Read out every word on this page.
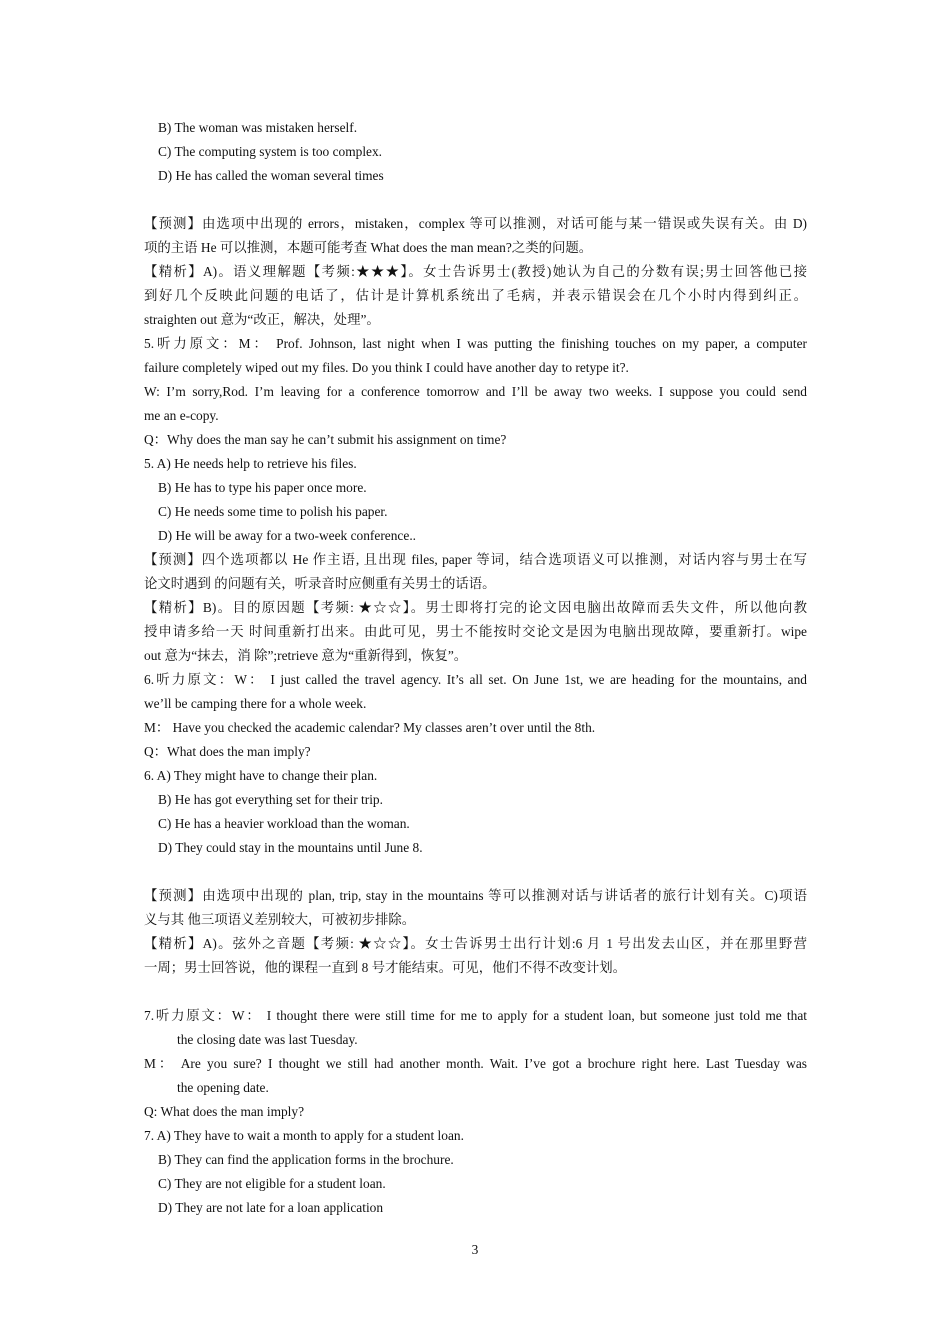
B) The woman was mistaken herself.
C) The computing system is too complex.
D) He has called the woman several times
【预测】由选项中出现的 errors，mistaken，complex 等可以推测，对话可能与某一错误或失误有关。由 D)
项的主语 He 可以推测，本题可能考查 What does the man mean?之类的问题。
【精析】A)。语义理解题【考频:★★★】。女士告诉男士(教授)她认为自己的分数有误;男士回答他已接
到好几个反映此问题的电话了，估计是计算机系统出了毛病，并表示错误会在几个小时内得到纠正。
straighten out 意为“改正，解决，处理”。
5.听力原文：M： Prof. Johnson, last night when I was putting the finishing touches on my paper, a computer
failure completely wiped out my files. Do you think I could have another day to retype it?.
W: I’m sorry,Rod. I’m leaving for a conference tomorrow and I’ll be away two weeks. I suppose you could send
me an e-copy.
Q：Why does the man say he can’t submit his assignment on time?
5. A) He needs help to retrieve his files.
B) He has to type his paper once more.
C) He needs some time to polish his paper.
D) He will be away for a two-week conference..
【预测】四个选项都以 He 作主语, 且出现 files, paper 等词，结合选项语义可以推测，对话内容与男士在写
论文时遇到 的问题有关，听录音时应侧重有关男士的话语。
【精析】B)。目的原因题【考频: ★☆☆】。男士即将打完的论文因电脑出故障而丢失文件，所以他向教
授申请多给一天 时间重新打出来。由此可见，男士不能按时交论文是因为电脑出现故障，要重新打。wipe
out 意为“抹去，消 除”;retrieve 意为“重新得到，恢复”。
6.听力原文：W： I just called the travel agency. It’s all set. On June 1st, we are heading for the mountains, and
we’ll be camping there for a whole week.
M： Have you checked the academic calendar? My classes aren’t over until the 8th.
Q：What does the man imply?
6. A) They might have to change their plan.
B) He has got everything set for their trip.
C) He has a heavier workload than the woman.
D) They could stay in the mountains until June 8.
【预测】由选项中出现的 plan, trip, stay in the mountains 等可以推测对话与讲话者的旅行计划有关。C)项语
义与其 他三项语义差别较大，可被初步排除。
【精析】A)。弦外之音题【考频: ★☆☆】。女士告诉男士出行计划:6 月 1 号出发去山区，并在那里野营
一周；男士回答说，他的课程一直到 8 号才能结束。可见，他们不得不改变计划。
7.听力原文：W： I thought there were still time for me to apply for a student loan, but someone just told me that
the closing date was last Tuesday.
M： Are you sure? I thought we still had another month. Wait. I’ve got a brochure right here. Last Tuesday was
the opening date.
Q: What does the man imply?
7. A) They have to wait a month to apply for a student loan.
B) They can find the application forms in the brochure.
C) They are not eligible for a student loan.
D) They are not late for a loan application
3
